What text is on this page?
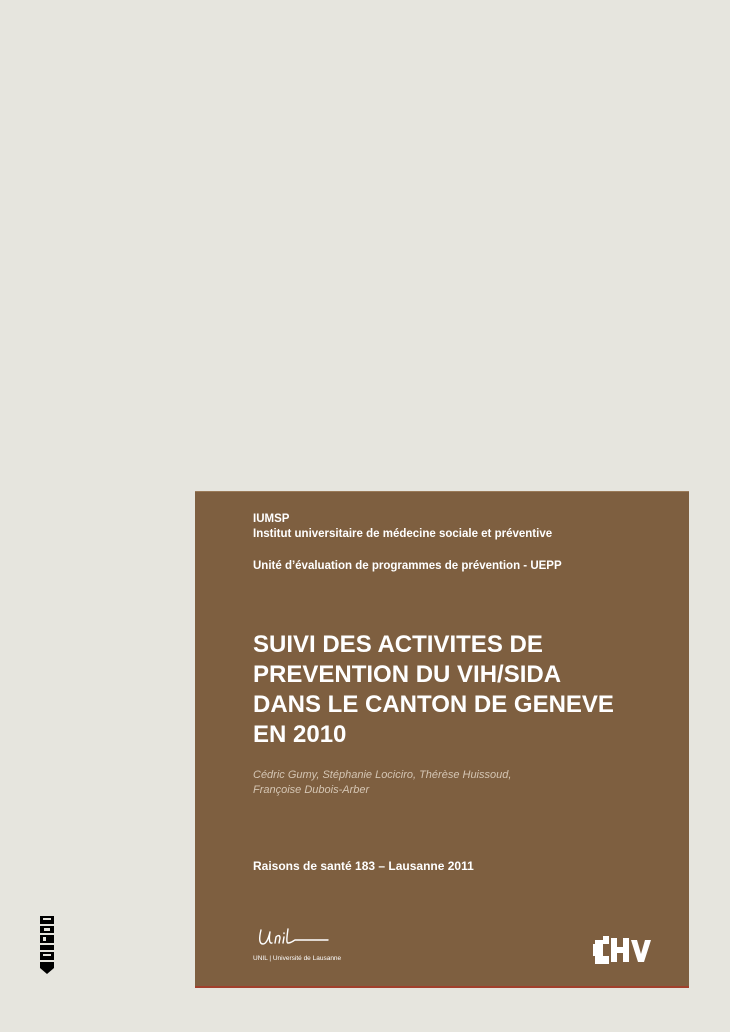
IUMSP
Institut universitaire de médecine sociale et préventive
Unité d’évaluation de programmes de prévention - UEPP
SUIVI DES ACTIVITES DE
PREVENTION DU VIH/SIDA
DANS LE CANTON DE GENEVE
EN 2010
Cédric Gumy, Stéphanie Lociciro, Thérèse Huissoud,
Françoise Dubois-Arber
Raisons de santé 183 – Lausanne 2011
UNIL | Université de Lausanne
